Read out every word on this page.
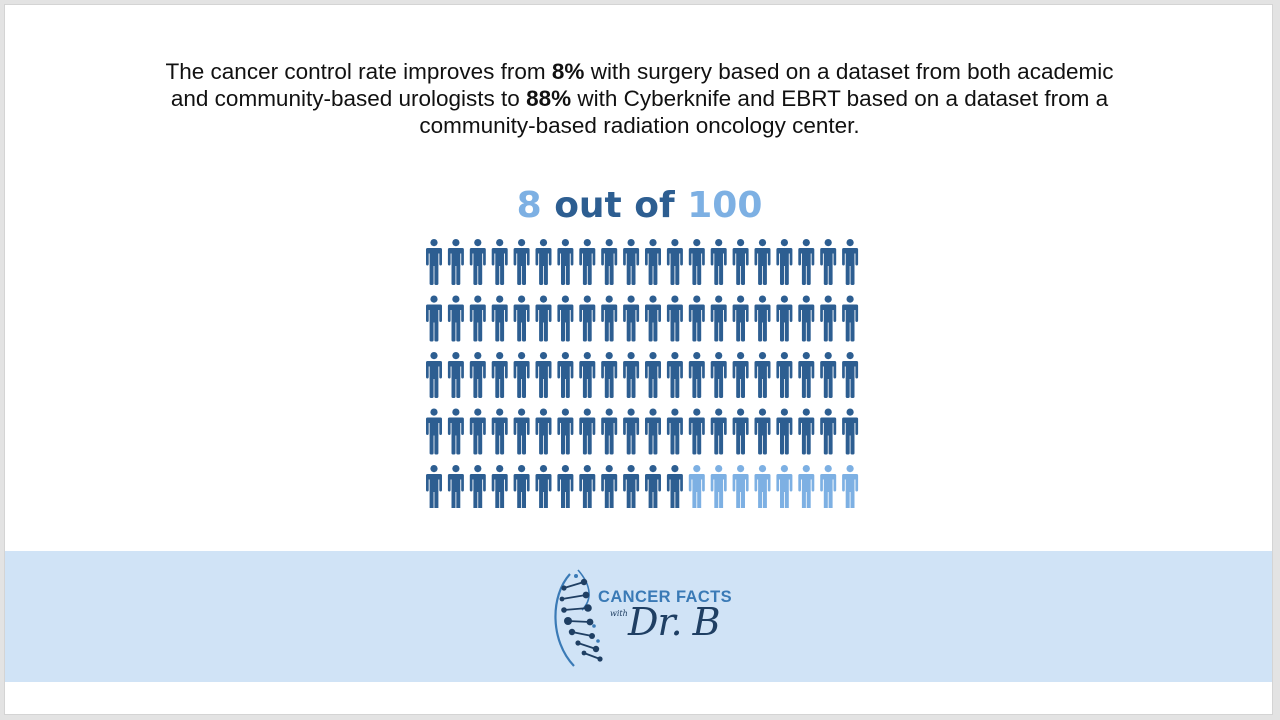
The cancer control rate improves from 8% with surgery based on a dataset from both academic and community-based urologists to 88% with Cyberknife and EBRT based on a dataset from a community-based radiation oncology center.

8 out of 100
CANCER FACTS
with Dr. B
